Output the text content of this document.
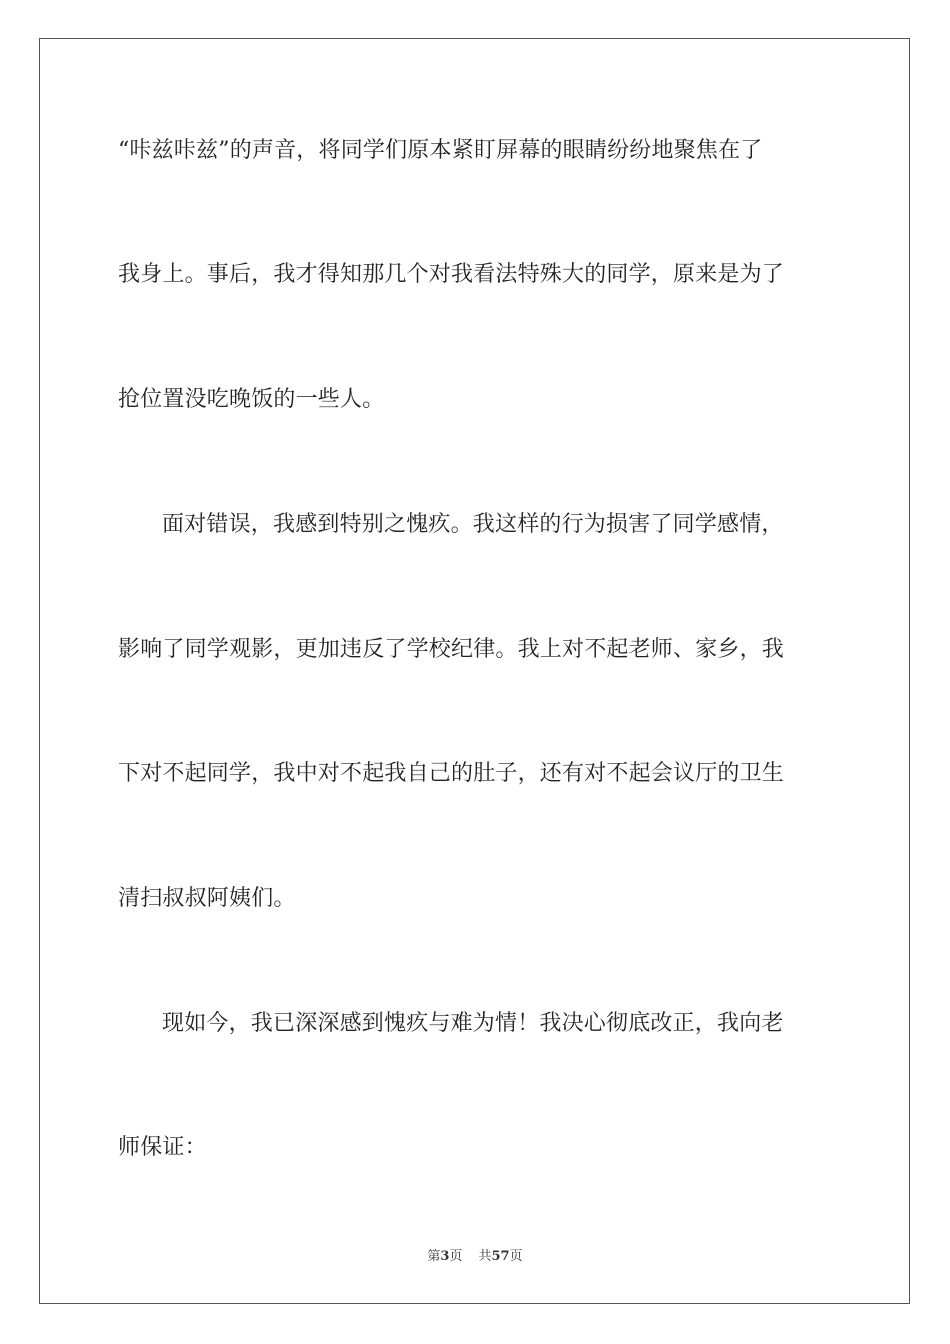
“咔兹咔兹”的声音，将同学们原本紧盯屏幕的眼睛纷纷地聚焦在了
我身上。事后，我才得知那几个对我看法特殊大的同学，原来是为了
抢位置没吃晚饭的一些人。
面对错误，我感到特别之愧疚。我这样的行为损害了同学感情，
影响了同学观影，更加违反了学校纪律。我上对不起老师、家乡，我
下对不起同学，我中对不起我自己的肚子，还有对不起会议厅的卫生
清扫叔叔阿姨们。
现如今，我已深深感到愧疚与难为情！我决心彻底改正，我向老
师保证：
第3页 共57页
